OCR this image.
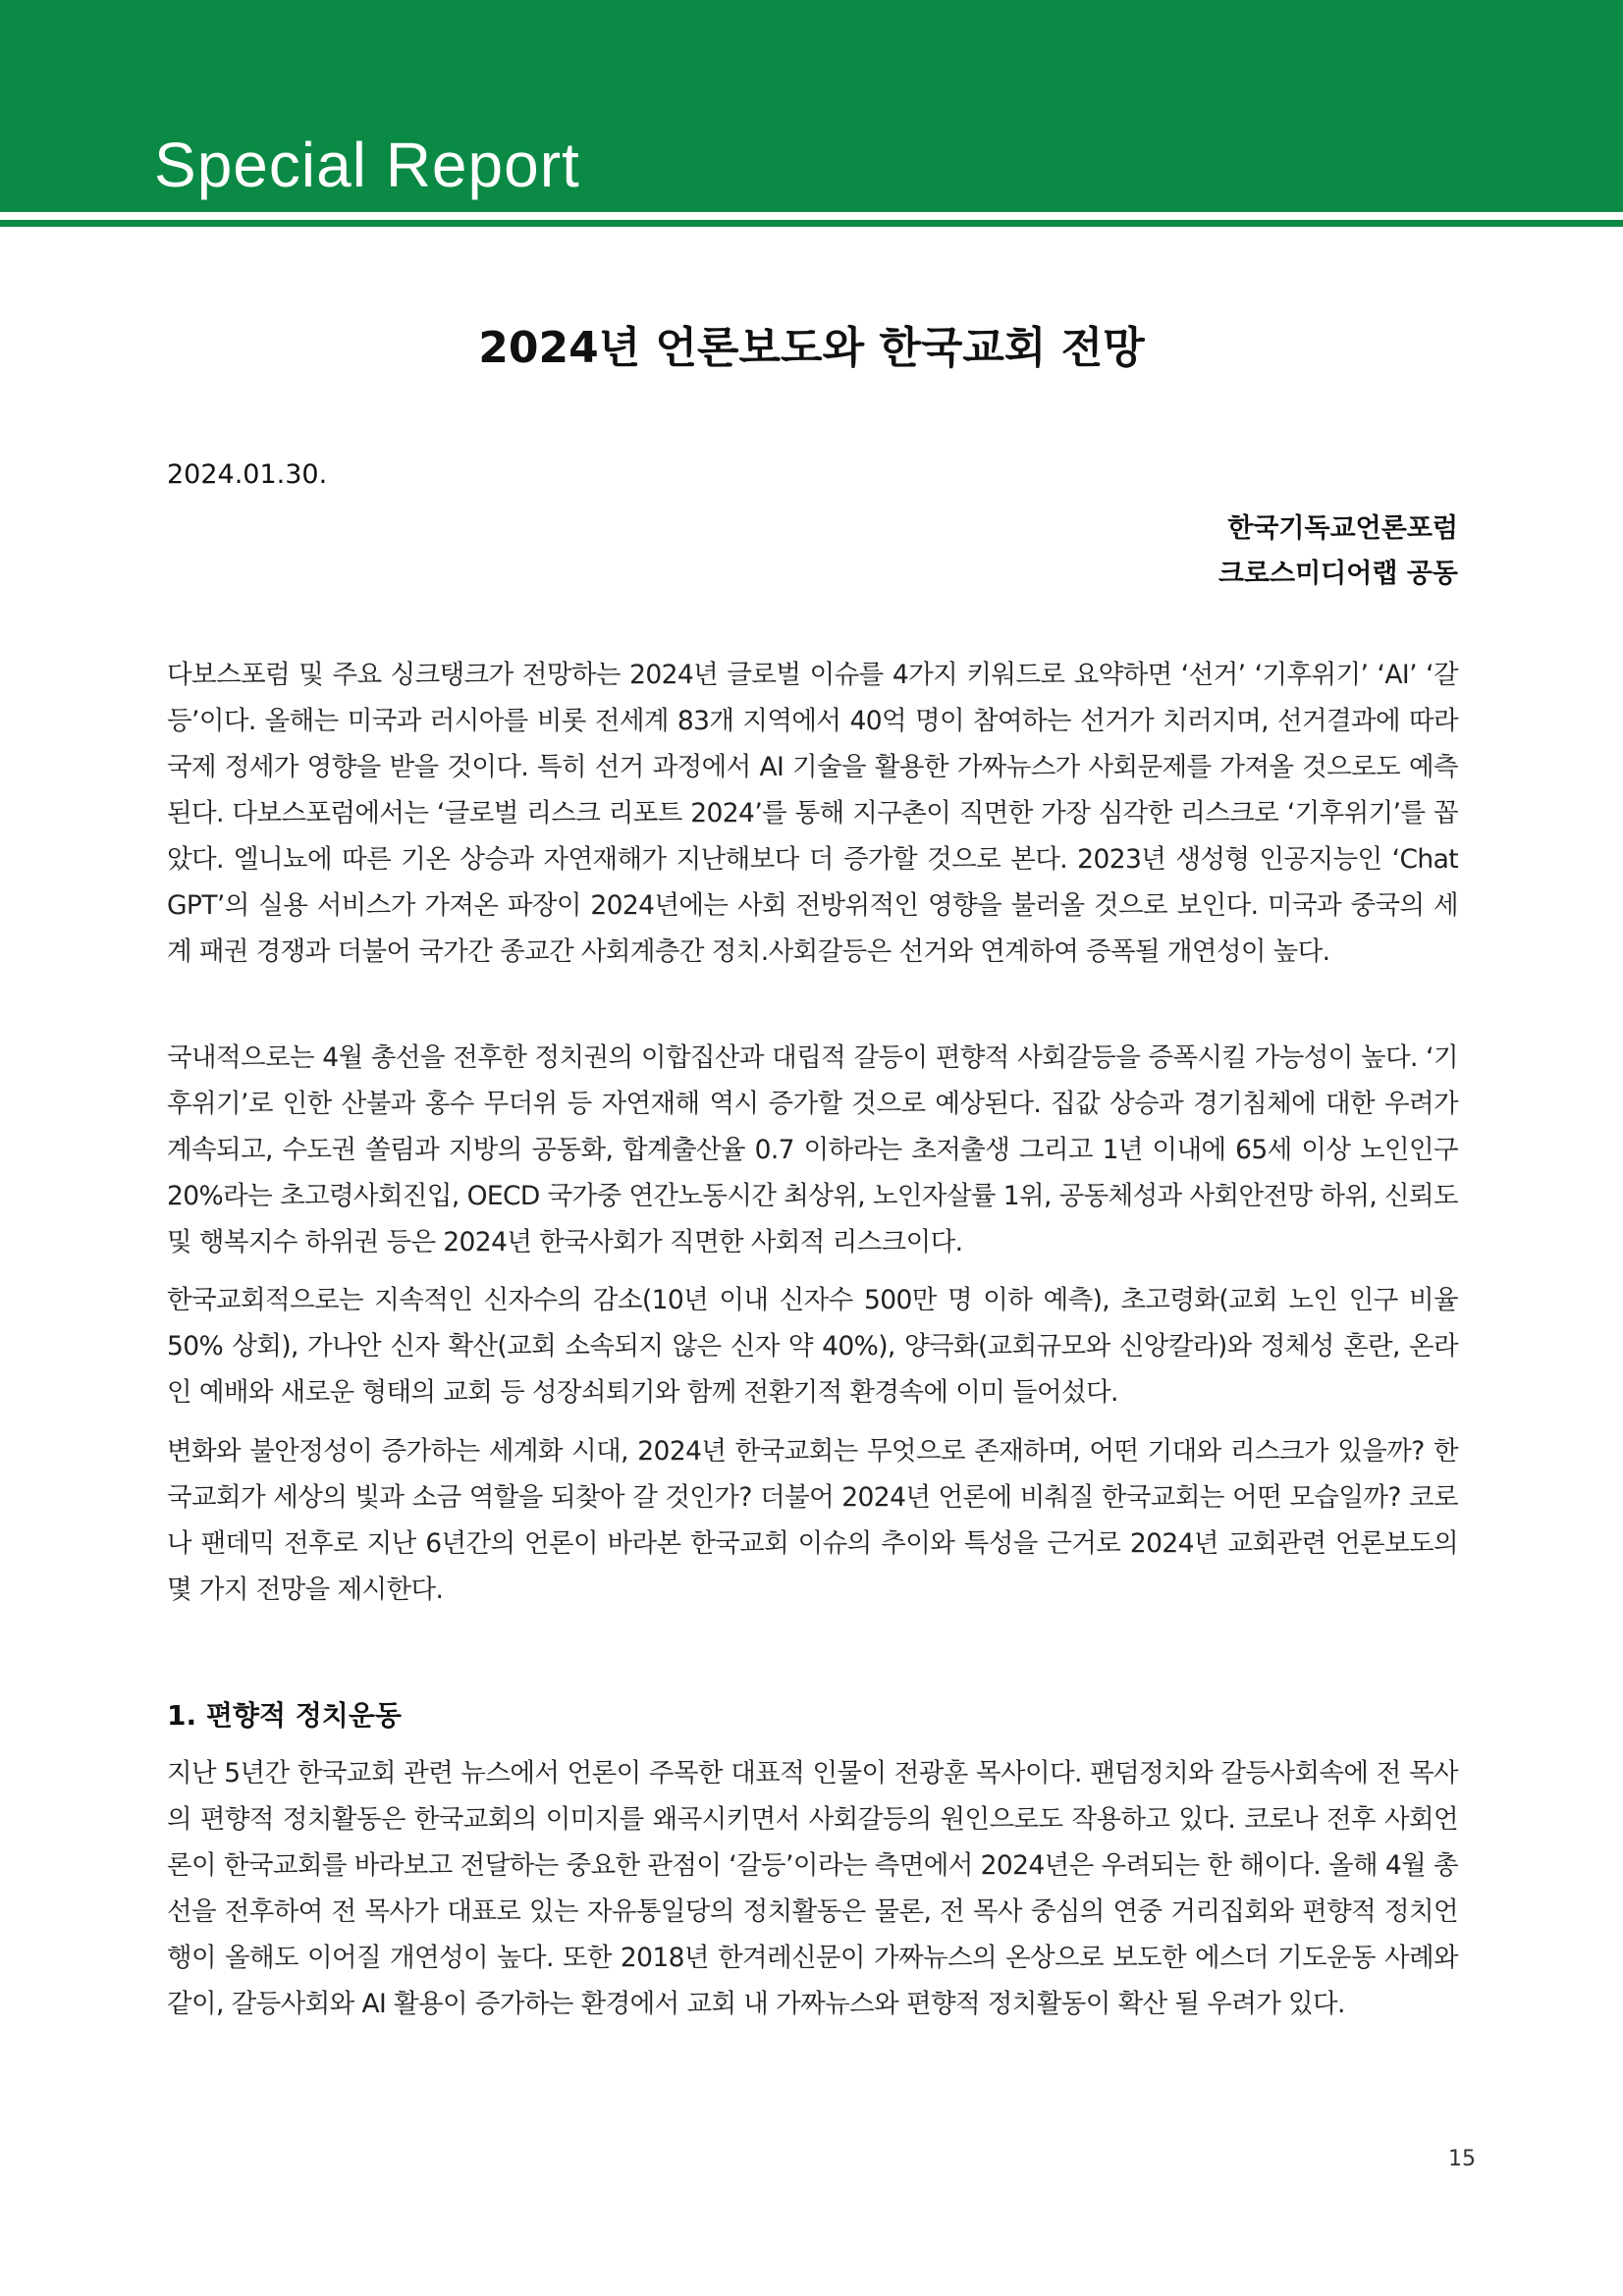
Special Report
2024년 언론보도와 한국교회 전망
2024.01.30.
한국기독교언론포럼
크로스미디어랩 공동

다보스포럼 및 주요 싱크탱크가 전망하는 2024년 글로벌 이슈를 4가지 키워드로 요약하면 ‘선거’ ‘기후위기’ ‘AI’ ‘갈등’이다. 올해는 미국과 러시아를 비롯 전세계 83개 지역에서 40억 명이 참여하는 선거가 치러지며, 선거결과에 따라 국제 정세가 영향을 받을 것이다. 특히 선거 과정에서 AI 기술을 활용한 가짜뉴스가 사회문제를 가져올 것으로도 예측된다. 다보스포럼에서는 ‘글로벌 리스크 리포트 2024’를 통해 지구촌이 직면한 가장 심각한 리스크로 ‘기후위기’를 꼽았다. 엘니뇨에 따른 기온 상승과 자연재해가 지난해보다 더 증가할 것으로 본다. 2023년 생성형 인공지능인 ‘Chat GPT’의 실용 서비스가 가져온 파장이 2024년에는 사회 전방위적인 영향을 불러올 것으로 보인다. 미국과 중국의 세계 패권 경쟁과 더불어 국가간 종교간 사회계층간 정치.사회갈등은 선거와 연계하여 증폭될 개연성이 높다.

국내적으로는 4월 총선을 전후한 정치권의 이합집산과 대립적 갈등이 편향적 사회갈등을 증폭시킬 가능성이 높다. ‘기후위기’로 인한 산불과 홍수 무더위 등 자연재해 역시 증가할 것으로 예상된다. 집값 상승과 경기침체에 대한 우려가 계속되고, 수도권 쏠림과 지방의 공동화, 합계출산율 0.7 이하라는 초저출생 그리고 1년 이내에 65세 이상 노인인구 20%라는 초고령사회진입, OECD 국가중 연간노동시간 최상위, 노인자살률 1위, 공동체성과 사회안전망 하위, 신뢰도 및 행복지수 하위권 등은 2024년 한국사회가 직면한 사회적 리스크이다.

한국교회적으로는 지속적인 신자수의 감소(10년 이내 신자수 500만 명 이하 예측), 초고령화(교회 노인 인구 비율 50% 상회), 가나안 신자 확산(교회 소속되지 않은 신자 약 40%), 양극화(교회규모와 신앙칼라)와 정체성 혼란, 온라인 예배와 새로운 형태의 교회 등 성장쇠퇴기와 함께 전환기적 환경속에 이미 들어섰다.

변화와 불안정성이 증가하는 세계화 시대, 2024년 한국교회는 무엇으로 존재하며, 어떤 기대와 리스크가 있을까? 한국교회가 세상의 빛과 소금 역할을 되찾아 갈 것인가? 더불어 2024년 언론에 비춰질 한국교회는 어떤 모습일까? 코로나 팬데믹 전후로 지난 6년간의 언론이 바라본 한국교회 이슈의 추이와 특성을 근거로 2024년 교회관련 언론보도의 몇 가지 전망을 제시한다.

1. 편향적 정치운동

지난 5년간 한국교회 관련 뉴스에서 언론이 주목한 대표적 인물이 전광훈 목사이다. 팬덤정치와 갈등사회속에 전 목사의 편향적 정치활동은 한국교회의 이미지를 왜곡시키면서 사회갈등의 원인으로도 작용하고 있다. 코로나 전후 사회언론이 한국교회를 바라보고 전달하는 중요한 관점이 ‘갈등’이라는 측면에서 2024년은 우려되는 한 해이다. 올해 4월 총선을 전후하여 전 목사가 대표로 있는 자유통일당의 정치활동은 물론, 전 목사 중심의 연중 거리집회와 편향적 정치언행이 올해도 이어질 개연성이 높다. 또한 2018년 한겨레신문이 가짜뉴스의 온상으로 보도한 에스더 기도운동 사례와 같이, 갈등사회와 AI 활용이 증가하는 환경에서 교회 내 가짜뉴스와 편향적 정치활동이 확산 될 우려가 있다.

15
